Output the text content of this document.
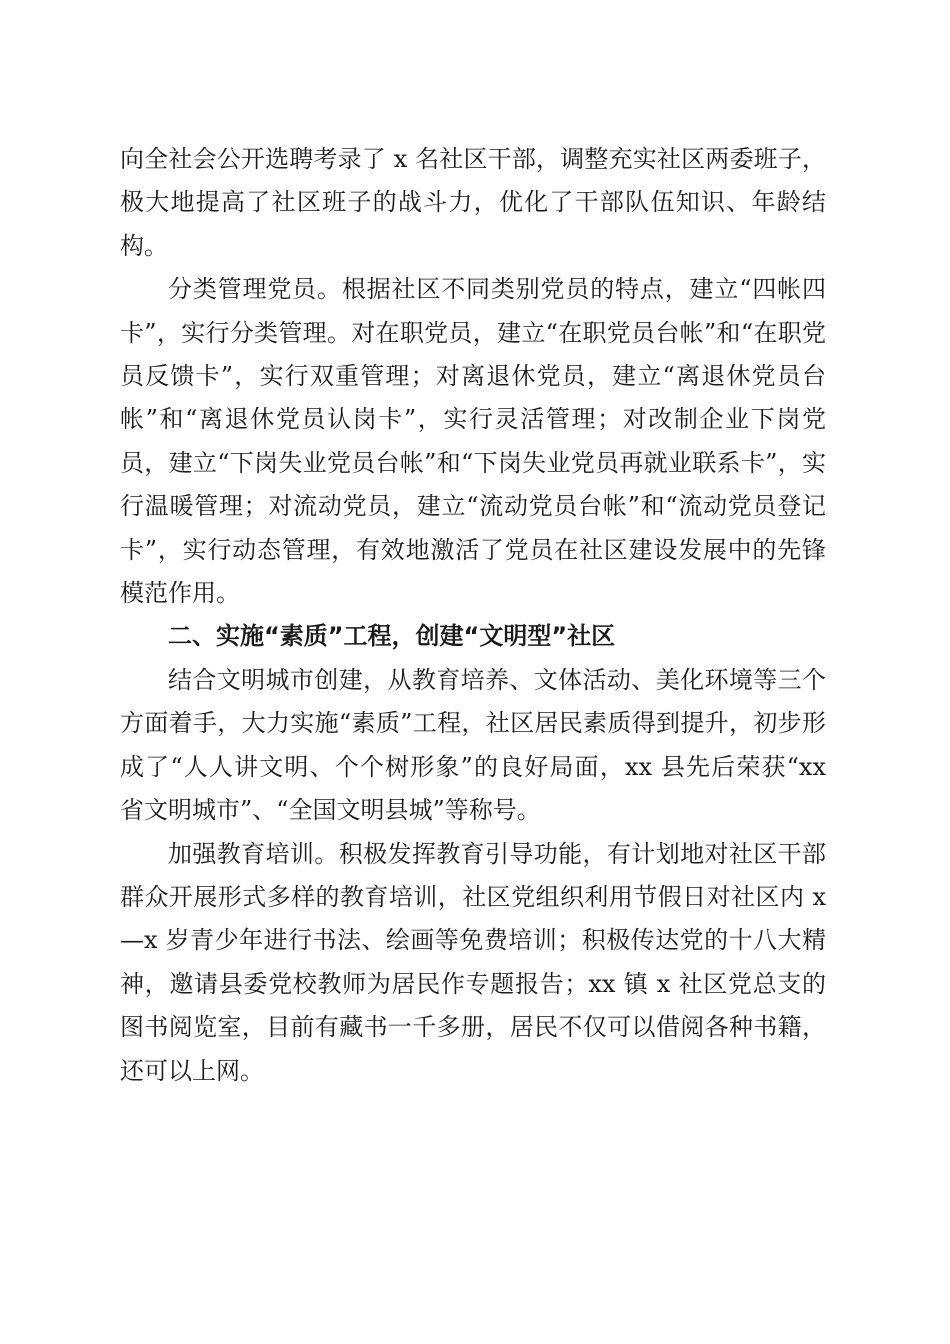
向全社会公开选聘考录了 x 名社区干部，调整充实社区两委班子，极大地提高了社区班子的战斗力，优化了干部队伍知识、年龄结构。

分类管理党员。根据社区不同类别党员的特点，建立“四帐四卡”，实行分类管理。对在职党员，建立“在职党员台帐”和“在职党员反馈卡”，实行双重管理；对离退休党员，建立“离退休党员台帐”和“离退休党员认岗卡”，实行灵活管理；对改制企业下岗党员，建立“下岗失业党员台帐”和“下岗失业党员再就业联系卡”，实行温暖管理；对流动党员，建立“流动党员台帐”和“流动党员登记卡”，实行动态管理，有效地激活了党员在社区建设发展中的先锋模范作用。

二、实施“素质”工程，创建“文明型”社区

结合文明城市创建，从教育培养、文体活动、美化环境等三个方面着手，大力实施“素质”工程，社区居民素质得到提升，初步形成了“人人讲文明、个个树形象”的良好局面，xx 县先后荣获“xx 省文明城市”、“全国文明县城”等称号。

加强教育培训。积极发挥教育引导功能，有计划地对社区干部群众开展形式多样的教育培训，社区党组织利用节假日对社区内 x—x 岁青少年进行书法、绘画等免费培训；积极传达党的十八大精神，邀请县委党校教师为居民作专题报告；xx 镇 x 社区党总支的图书阅览室，目前有藏书一千多册，居民不仅可以借阅各种书籍，还可以上网。
